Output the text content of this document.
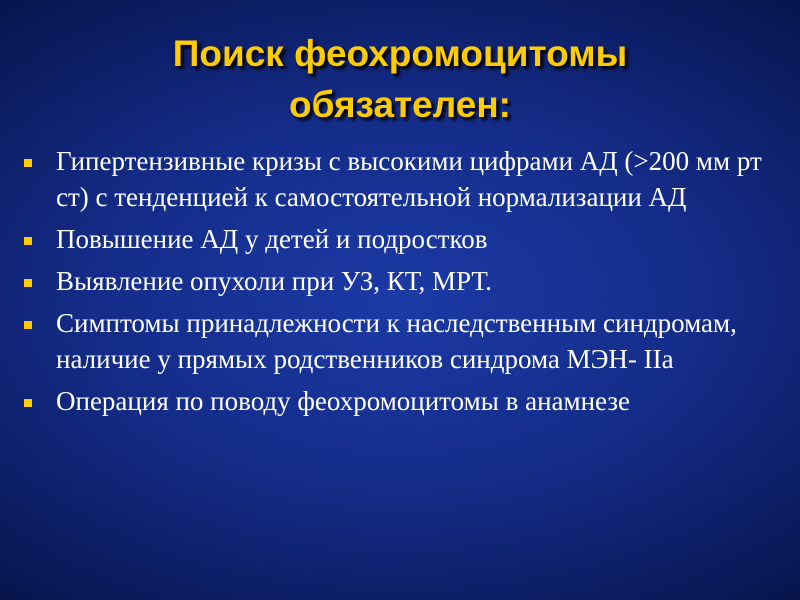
Поиск феохромоцитомы обязателен:
Гипертензивные кризы с высокими цифрами АД (>200 мм рт ст) с тенденцией к самостоятельной нормализации АД
Повышение АД у детей и подростков
Выявление опухоли при УЗ, КТ, МРТ.
Симптомы принадлежности к наследственным синдромам, наличие у прямых родственников синдрома МЭН- IIа
Операция по поводу феохромоцитомы в анамнезе
